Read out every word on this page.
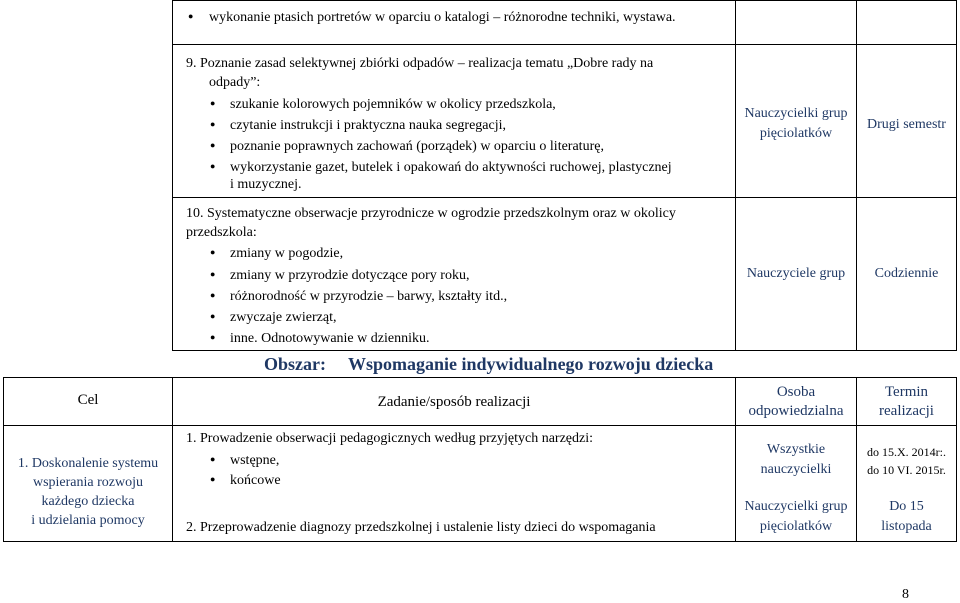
●
wykonanie ptasich portretów w oparciu o katalogi – różnorodne techniki, wystawa.
9. Poznanie zasad selektywnej zbiórki odpadów – realizacja tematu „Dobre rady na
odpady”:
●
szukanie kolorowych pojemników w okolicy przedszkola,
●
czytanie instrukcji i praktyczna nauka segregacji,
●
poznanie poprawnych zachowań (porządek) w oparciu o literaturę,
●
wykorzystanie gazet, butelek i opakowań do aktywności ruchowej, plastycznej
i muzycznej.
Nauczycielki grup
pięciolatków
Drugi semestr
10. Systematyczne obserwacje przyrodnicze w ogrodzie przedszkolnym oraz w okolicy
przedszkola:
●
zmiany w pogodzie,
●
zmiany w przyrodzie dotyczące pory roku,
●
różnorodność w przyrodzie – barwy, kształty itd.,
●
zwyczaje zwierząt,
●
inne. Odnotowywanie w dzienniku.
Nauczyciele grup	Codziennie
Obszar: Wspomaganie indywidualnego rozwoju dziecka
Cel	Zadanie/sposób realizacji
Osoba
odpowiedzialna
Termin
realizacji
1. Doskonalenie systemu
wspierania rozwoju
każdego dziecka
i udzielania pomocy
1. Prowadzenie obserwacji pedagogicznych według przyjętych narzędzi:
●
wstępne,
●
końcowe
Wszystkie
nauczycielki
do 15.X. 2014r:.
do 10 VI. 2015r.
2. Przeprowadzenie diagnozy przedszkolnej i ustalenie listy dzieci do wspomagania
Nauczycielki grup
pięciolatków
Do 15
listopada
8
